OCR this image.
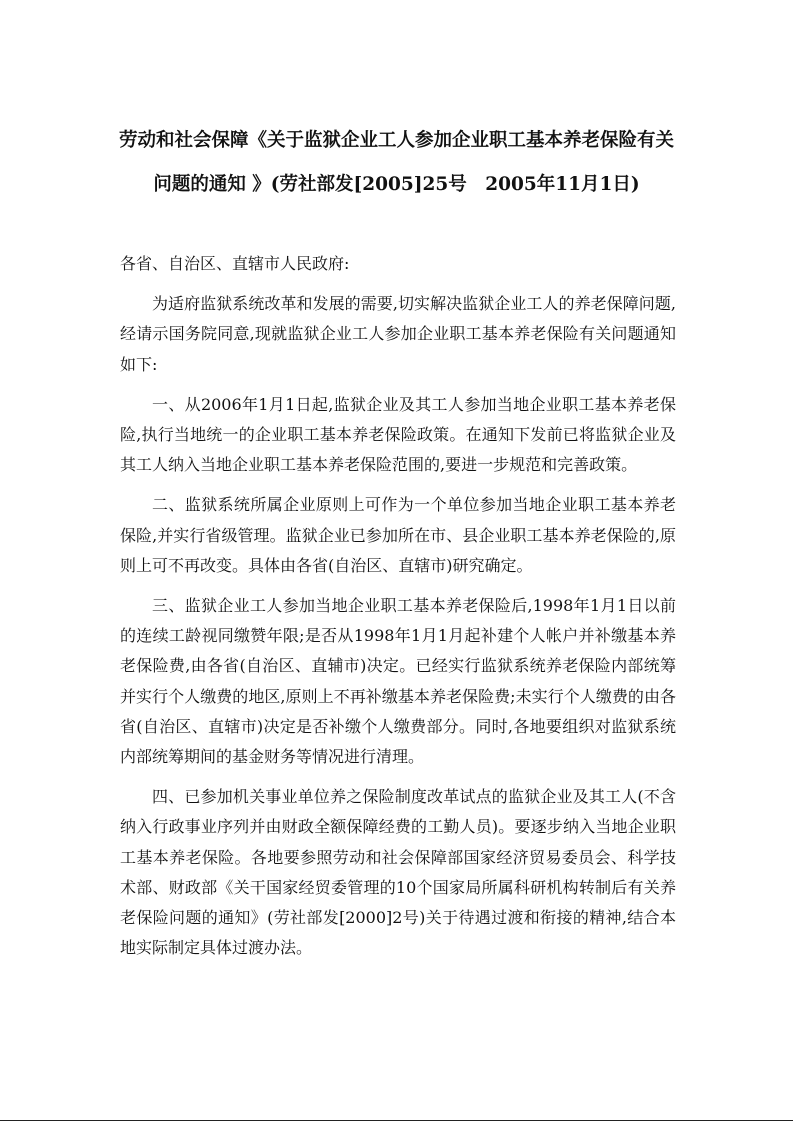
劳动和社会保障《关于监狱企业工人参加企业职工基本养老保险有关
问题的通知 》(劳社部发[2005]25号　2005年11月1日)

各省、自治区、直辖市人民政府:

为适府监狱系统改革和发展的需要,切实解决监狱企业工人的养老保障问题,经请示国务院同意,现就监狱企业工人参加企业职工基本养老保险有关问题通知如下:

一、从2006年1月1日起,监狱企业及其工人参加当地企业职工基本养老保险,执行当地统一的企业职工基本养老保险政策。在通知下发前已将监狱企业及其工人纳入当地企业职工基本养老保险范围的,要进一步规范和完善政策。

二、监狱系统所属企业原则上可作为一个单位参加当地企业职工基本养老保险,并实行省级管理。监狱企业已参加所在市、县企业职工基本养老保险的,原则上可不再改变。具体由各省(自治区、直辖市)研究确定。

三、监狱企业工人参加当地企业职工基本养老保险后,1998年1月1日以前的连续工龄视同缴赞年限;是否从1998年1月1月起补建个人帐户并补缴基本养老保险费,由各省(自治区、直辅市)决定。已经实行监狱系统养老保险内部统筹并实行个人缴费的地区,原则上不再补缴基本养老保险费;未实行个人缴费的由各省(自治区、直辖市)决定是否补缴个人缴费部分。同时,各地要组织对监狱系统内部统筹期间的基金财务等情况进行清理。

四、已参加机关事业单位养之保险制度改革试点的监狱企业及其工人(不含纳入行政事业序列并由财政全额保障经费的工勤人员)。要逐步纳入当地企业职工基本养老保险。各地要参照劳动和社会保障部国家经济贸易委员会、科学技术部、财政部《关干国家经贸委管理的10个国家局所属科研机构转制后有关养老保险问题的通知》(劳社部发[2000]2号)关于待遇过渡和衔接的精神,结合本地实际制定具体过渡办法。
